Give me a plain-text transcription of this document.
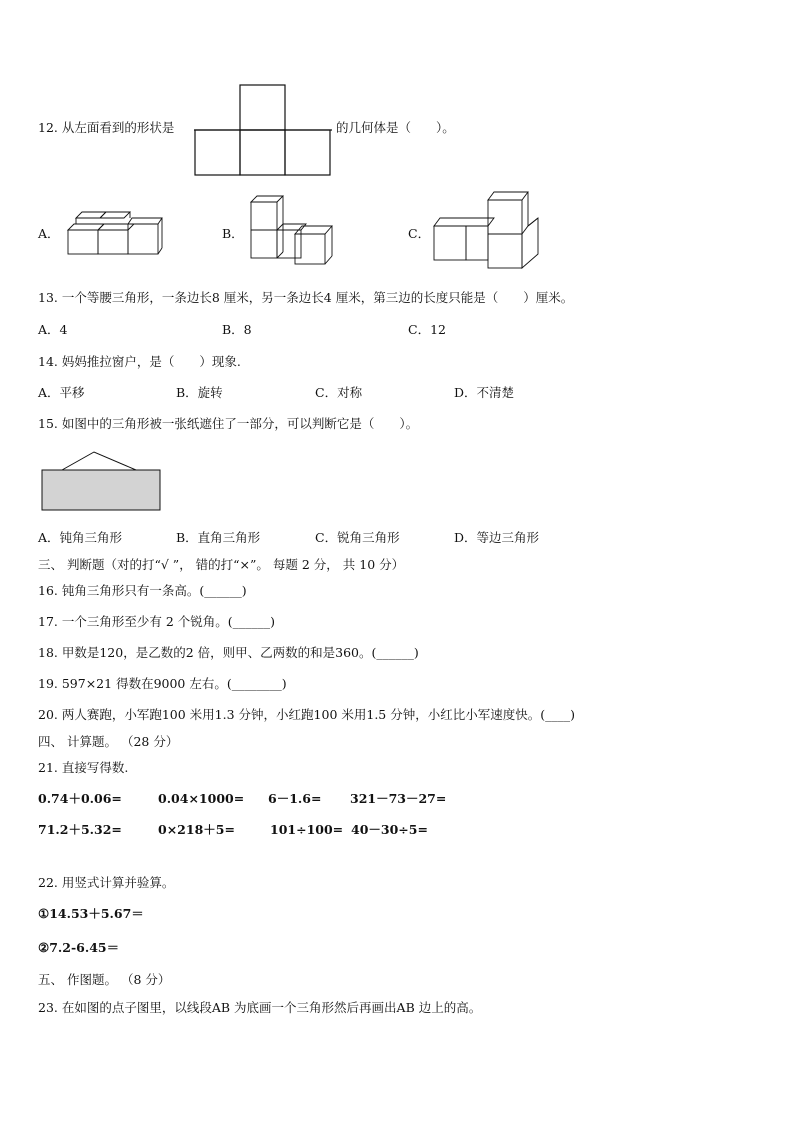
12. 从左面看到的形状是	的几何体是（　　）。
A．	B．	C．
13. 一个等腰三角形，一条边长8 厘米，另一条边长4 厘米，第三边的长度只能是（　　）厘米。
A．4	B．8	C．12
14. 妈妈推拉窗户，是（　　）现象.
A．平移	B．旋转	C．对称	D．不清楚
15. 如图中的三角形被一张纸遮住了一部分，可以判断它是（　　）。
A．钝角三角形	B．直角三角形	C．锐角三角形	D．等边三角形
三、 判断题（对的打“√ ”， 错的打“×”。 每题 2 分， 共 10 分）
16. 钝角三角形只有一条高。(______)
17. 一个三角形至少有 2 个锐角。(______)
18. 甲数是120，是乙数的2 倍，则甲、乙两数的和是360。(______)
19. 597×21 得数在9000 左右。(________)
20. 两人赛跑，小军跑100 米用1.3 分钟，小红跑100 米用1.5 分钟，小红比小军速度快。(____)
四、 计算题。 （28 分）
21. 直接写得数.
0.74＋0.06=	0.04×1000= 6－1.6= 321－73－27=
71.2＋5.32=	0×218＋5=	101÷100= 40－30÷5=
22. 用竖式计算并验算。
①14.53＋5.67＝
②7.2-6.45＝
五、 作图题。 （8 分）
23. 在如图的点子图里，以线段AB 为底画一个三角形然后再画出AB 边上的高。
